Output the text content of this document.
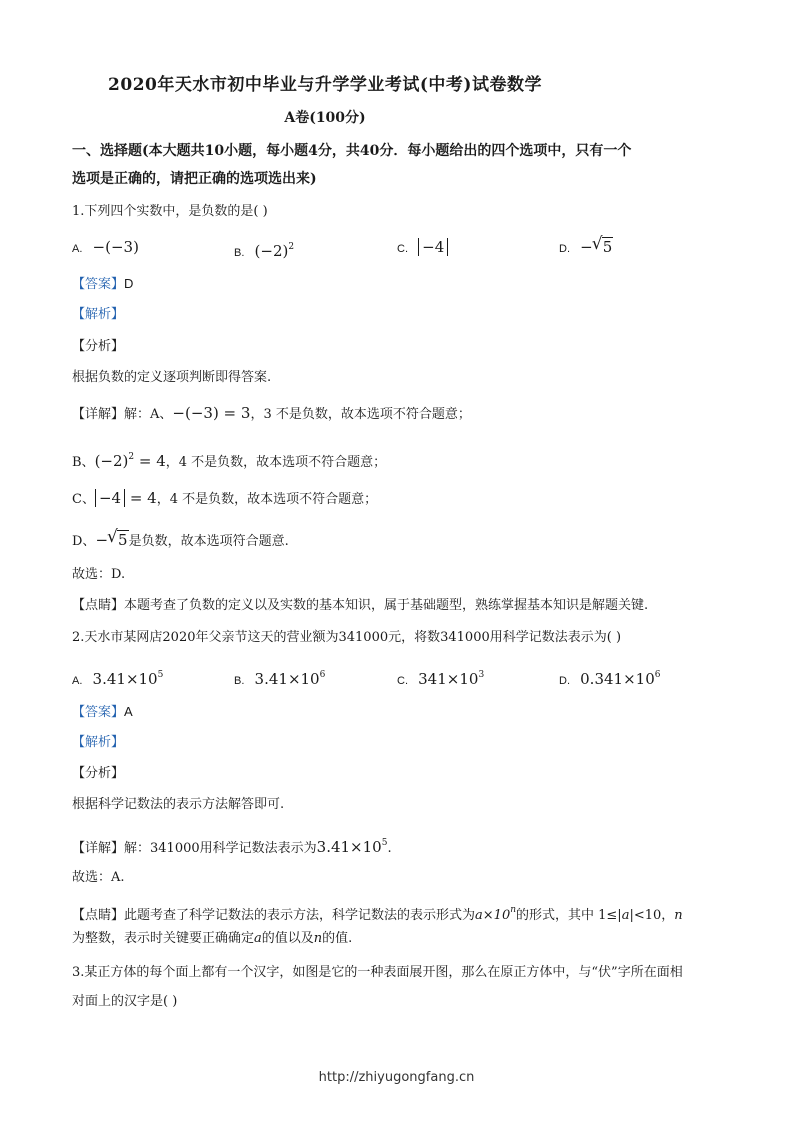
2020年天水市初中毕业与升学学业考试(中考)试卷数学
A卷(100分)
一、选择题(本大题共10小题，每小题4分，共40分．每小题给出的四个选项中，只有一个
选项是正确的，请把正确的选项选出来)
1.下列四个实数中，是负数的是( )
A. −(−3)	B. $(-2)^2$	C. −4	D. − √ 5
【答案】D
【解析】
【分析】
根据负数的定义逐项判断即得答案.
【详解】解：A、−(−3) = 3，3 不是负数，故本选项不符合题意；
B、$(-2)^2 = 4$，4 不是负数，故本选项不符合题意；
C、 −4 = 4，4 不是负数，故本选项不符合题意；
D、− √ 5是负数，故本选项符合题意.
故选：D.
【点睛】本题考查了负数的定义以及实数的基本知识，属于基础题型，熟练掌握基本知识是解题关键.
2.天水市某网店2020年父亲节这天的营业额为341000元，将数341000用科学记数法表示为( )
A. $3.41\times 10^5$	B. $3.41\times 10^6$	C. $341\times 10^3$	D. $0.341\times 10^6$
【答案】A
【解析】
【分析】
根据科学记数法的表示方法解答即可.
【详解】解：341000用科学记数法表示为$3.41\times 10^5$.
故选：A.
【点睛】此题考查了科学记数法的表示方法，科学记数法的表示形式为$a\times 10^n$的形式，其中 1≤|a|<10，n
为整数，表示时关键要正确确定a的值以及n的值.
3.某正方体的每个面上都有一个汉字，如图是它的一种表面展开图，那么在原正方体中，与“伏”字所在面相
对面上的汉字是( )
http://zhiyugongfang.cn
